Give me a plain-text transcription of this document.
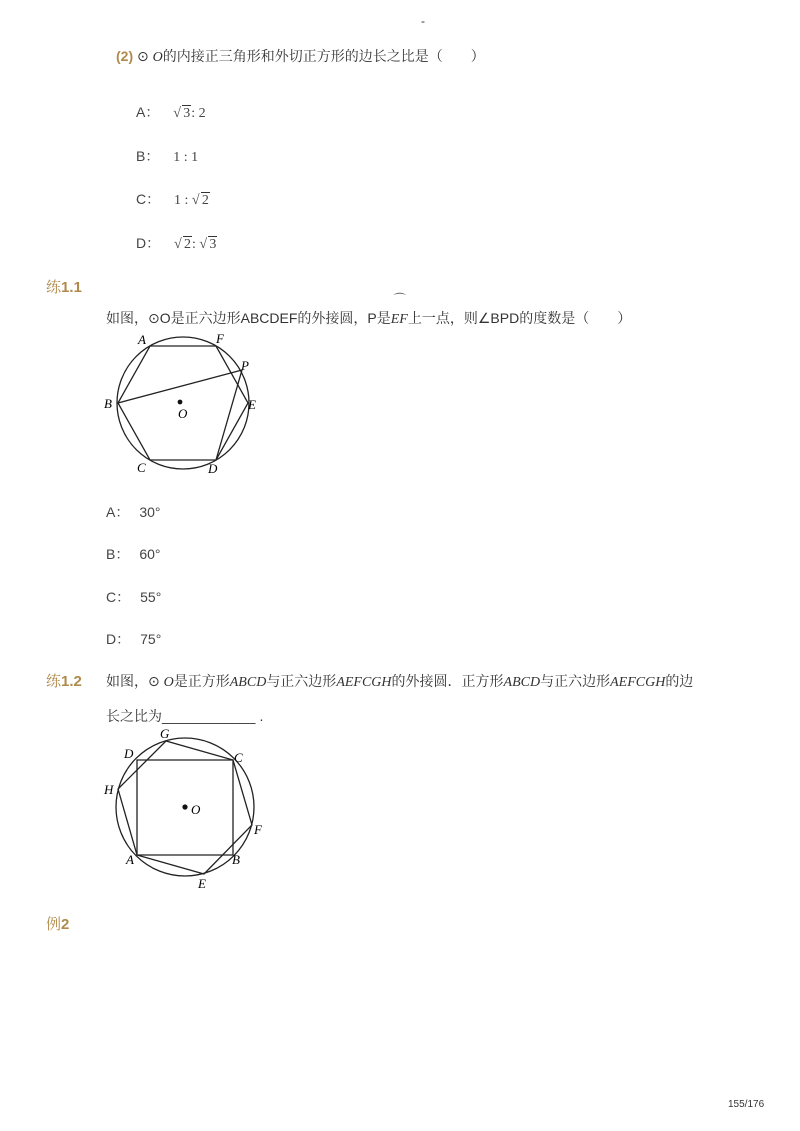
-
(2) ⊙ O的内接正三角形和外切正方形的边长之比是（　　）
A： √ 3: 2
B： 1 : 1
C： 1 : √ 2
D： √ 2: √ 3
练1.1
如图，⊙O是正六边形ABCDEF的外接圆，P是
⌒
EF上一点，则∠BPD的度数是（　　）
A	F
P
B	E
O
C	D
A： 30°
B： 60°
C： 55°
D： 75°
练1.2 如图，⊙ O是正方形ABCD与正六边形AEFCGH的外接圆．正方形ABCD与正六边形AEFCGH的边
长之比为____________ .
G
D	C
H
O
F
A	B
E
例2
155/176
